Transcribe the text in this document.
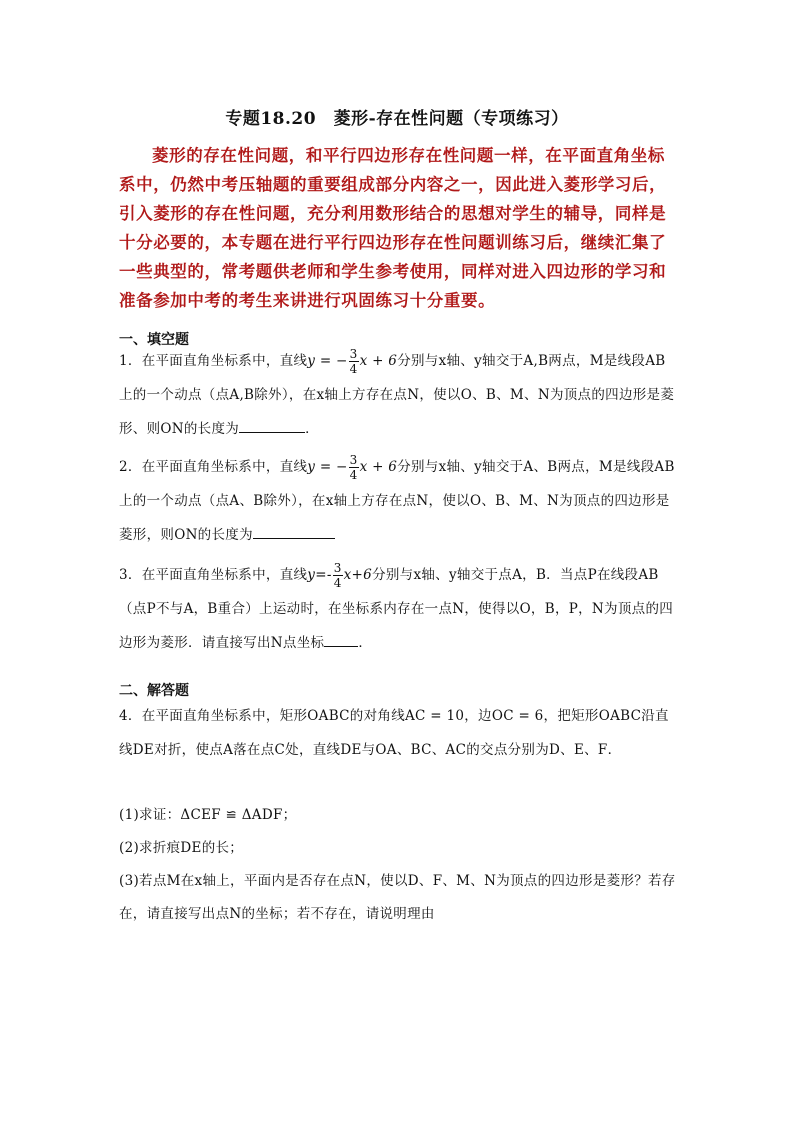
专题18.20　菱形-存在性问题（专项练习）
菱形的存在性问题，和平行四边形存在性问题一样，在平面直角坐标系中，仍然中考压轴题的重要组成部分内容之一，因此进入菱形学习后，引入菱形的存在性问题，充分利用数形结合的思想对学生的辅导，同样是十分必要的，本专题在进行平行四边形存在性问题训练习后，继续汇集了一些典型的，常考题供老师和学生参考使用，同样对进入四边形的学习和准备参加中考的考生来讲进行巩固练习十分重要。
一、填空题
1．在平面直角坐标系中，直线y = − $\frac{3}{4}$ x + 6分别与x轴、y轴交于A,B两点，M是线段AB上的一个动点（点A,B除外），在x轴上方存在点N，使以O、B、M、N为顶点的四边形是菱形、则ON的长度为	．
2．在平面直角坐标系中，直线y = − $\frac{3}{4}$ x + 6分别与x轴、y轴交于A、B两点，M是线段AB上的一个动点（点A、B除外），在x轴上方存在点N，使以O、B、M、N为顶点的四边形是菱形，则ON的长度为
3．在平面直角坐标系中，直线$y=- \frac{3}{4} x+6$分别与x轴、y轴交于点A，B．当点P在线段AB（点P不与A，B重合）上运动时，在坐标系内存在一点N，使得以O，B，P，N为顶点的四边形为菱形．请直接写出N点坐标	．
二、解答题
4．在平面直角坐标系中，矩形OABC的对角线AC = 10，边OC = 6，把矩形OABC沿直线DE对折，使点A落在点C处，直线DE与OA、BC、AC的交点分别为D、E、F．
(1)求证：ΔCEF ≌ ΔADF；
(2)求折痕DE的长；
(3)若点M在x轴上，平面内是否存在点N，使以D、F、M、N为顶点的四边形是菱形？若存在，请直接写出点N的坐标；若不存在，请说明理由
